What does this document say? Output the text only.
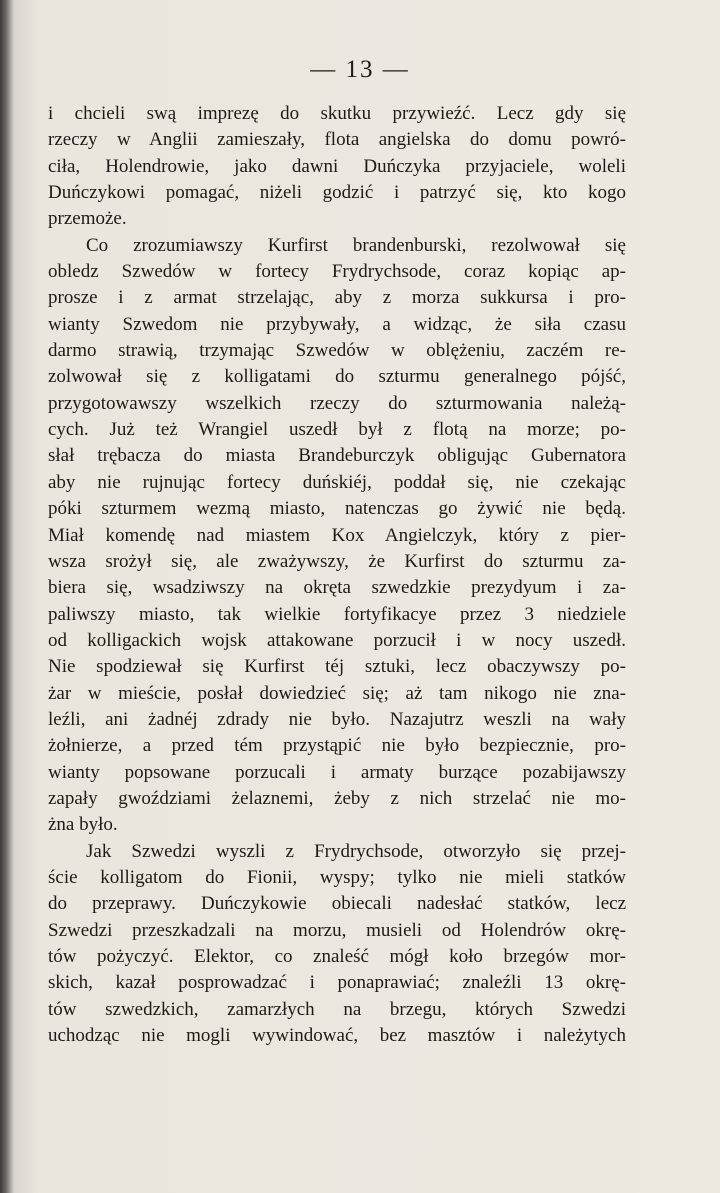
— 13 —
i chcieli swą imprezę do skutku przywieźć. Lecz gdy się
rzeczy w Anglii zamieszały, flota angielska do domu powró-
ciła, Holendrowie, jako dawni Duńczyka przyjaciele, woleli
Duńczykowi pomagać, niżeli godzić i patrzyć się, kto kogo
przemoże.
Co zrozumiawszy Kurfirst brandenburski, rezolwował się
obledz Szwedów w fortecy Frydrychsode, coraz kopiąc ap-
prosze i z armat strzelając, aby z morza sukkursa i pro-
wianty Szwedom nie przybywały, a widząc, że siła czasu
darmo strawią, trzymając Szwedów w oblężeniu, zaczém re-
zolwował się z kolligatami do szturmu generalnego pójść,
przygotowawszy wszelkich rzeczy do szturmowania należą-
cych. Już też Wrangiel uszedł był z flotą na morze; po-
słał trębacza do miasta Brandeburczyk obligując Gubernatora
aby nie rujnując fortecy duńskiéj, poddał się, nie czekając
póki szturmem wezmą miasto, natenczas go żywić nie będą.
Miał komendę nad miastem Kox Angielczyk, który z pier-
wsza srożył się, ale zważywszy, że Kurfirst do szturmu za-
biera się, wsadziwszy na okręta szwedzkie prezydyum i za-
paliwszy miasto, tak wielkie fortyfikacye przez 3 niedziele
od kolligackich wojsk attakowane porzucił i w nocy uszedł.
Nie spodziewał się Kurfirst téj sztuki, lecz obaczywszy po-
żar w mieście, posłał dowiedzieć się; aż tam nikogo nie zna-
leźli, ani żadnéj zdrady nie było. Nazajutrz weszli na wały
żołnierze, a przed tém przystąpić nie było bezpiecznie, pro-
wianty popsowane porzucali i armaty burzące pozabijawszy
zapały gwoździami żelaznemi, żeby z nich strzelać nie mo-
żna było.
Jak Szwedzi wyszli z Frydrychsode, otworzyło się przej-
ście kolligatom do Fionii, wyspy; tylko nie mieli statków
do przeprawy. Duńczykowie obiecali nadesłać statków, lecz
Szwedzi przeszkadzali na morzu, musieli od Holendrów okrę-
tów pożyczyć. Elektor, co znaleść mógł koło brzegów mor-
skich, kazał posprowadzać i ponaprawiać; znaleźli 13 okrę-
tów szwedzkich, zamarzłych na brzegu, których Szwedzi
uchodząc nie mogli wywindować, bez masztów i należytych
